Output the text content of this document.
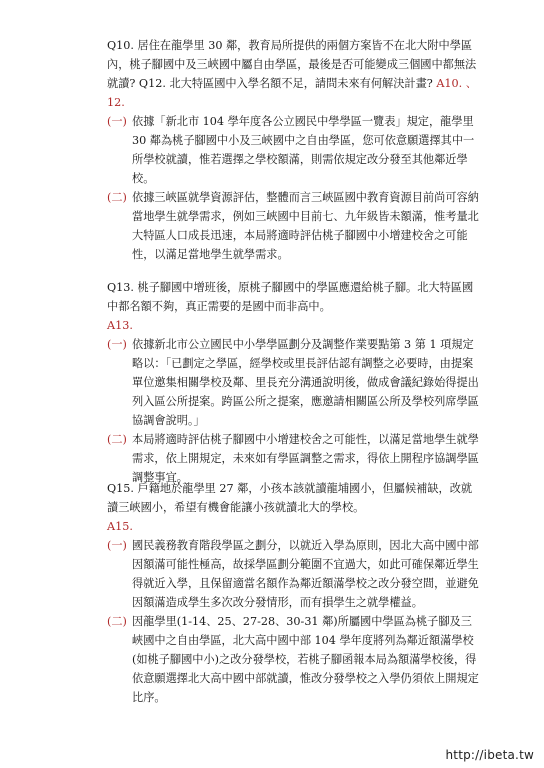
Q10. 居住在龍學里 30 鄰，教育局所提供的兩個方案皆不在北大附中學區內，桃子腳國中及三峽國中屬自由學區，最後是否可能變成三個國中都無法就讀? Q12. 北大特區國中入學名額不足，請問未來有何解決計畫? A10. 、12.
(一) 依據「新北市 104 學年度各公立國民中學學區一覽表」規定，龍學里 30 鄰為桃子腳國中小及三峽國中之自由學區，您可依意願選擇其中一所學校就讀，惟若選擇之學校額滿，則需依規定改分發至其他鄰近學校。
(二) 依據三峽區就學資源評估，整體而言三峽區國中教育資源目前尚可容納當地學生就學需求，例如三峽國中目前七、九年級皆未額滿，惟考量北大特區人口成長迅速，本局將適時評估桃子腳國中小增建校舍之可能性，以滿足當地學生就學需求。
Q13. 桃子腳國中增班後，原桃子腳國中的學區應還給桃子腳。北大特區國中都名額不夠，真正需要的是國中而非高中。
A13.
(一) 依據新北市公立國民中小學學區劃分及調整作業要點第 3 第 1 項規定略以：「已劃定之學區，經學校或里長評估認有調整之必要時，由提案單位邀集相關學校及鄰、里長充分溝通說明後，做成會議紀錄始得提出列入區公所提案。跨區公所之提案，應邀請相關區公所及學校列席學區協調會說明。」
(二) 本局將適時評估桃子腳國中小增建校舍之可能性，以滿足當地學生就學需求，依上開規定，未來如有學區調整之需求，得依上開程序協調學區調整事宜。
Q15. 戶籍地於龍學里 27 鄰，小孩本該就讀龍埔國小，但屬候補缺，改就讀三峽國小，希望有機會能讓小孩就讀北大的學校。
A15.
(一) 國民義務教育階段學區之劃分，以就近入學為原則，因北大高中國中部因額滿可能性極高，故採學區劃分範圍不宜過大，如此可確保鄰近學生得就近入學，且保留適當名額作為鄰近額滿學校之改分發空間，並避免因額滿造成學生多次改分發情形，而有損學生之就學權益。
(二) 因龍學里(1-14、25、27-28、30-31 鄰)所屬國中學區為桃子腳及三峽國中之自由學區，北大高中國中部 104 學年度將列為鄰近額滿學校(如桃子腳國中小)之改分發學校，若桃子腳函報本局為額滿學校後，得依意願選擇北大高中國中部就讀，惟改分發學校之入學仍須依上開規定比序。
http://ibeta.tw
